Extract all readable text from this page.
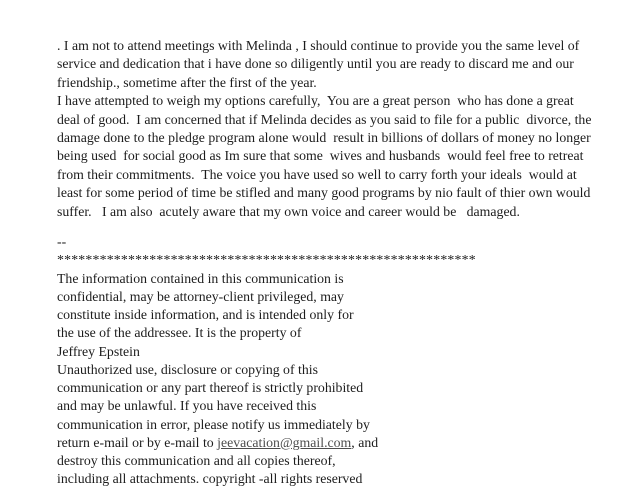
. I am not to attend meetings with Melinda , I should continue to provide you the same level of
service and dedication that i have done so diligently until you are ready to discard me and our
friendship., sometime after the first of the year.
I have attempted to weigh my options carefully,  You are a great person  who has done a great
deal of good.  I am concerned that if Melinda decides as you said to file for a public  divorce, the
damage done to the pledge program alone would  result in billions of dollars of money no longer
being used  for social good as Im sure that some  wives and husbands  would feel free to retreat
from their commitments.  The voice you have used so well to carry forth your ideals  would at
least for some period of time be stifled and many good programs by nio fault of thier own would
suffer.   I am also  acutely aware that my own voice and career would be   damaged.
--
***********************************************************
The information contained in this communication is
confidential, may be attorney-client privileged, may
constitute inside information, and is intended only for
the use of the addressee. It is the property of
Jeffrey Epstein
Unauthorized use, disclosure or copying of this
communication or any part thereof is strictly prohibited
and may be unlawful. If you have received this
communication in error, please notify us immediately by
return e-mail or by e-mail to jeevacation@gmail.com, and
destroy this communication and all copies thereof,
including all attachments. copyright -all rights reserved
